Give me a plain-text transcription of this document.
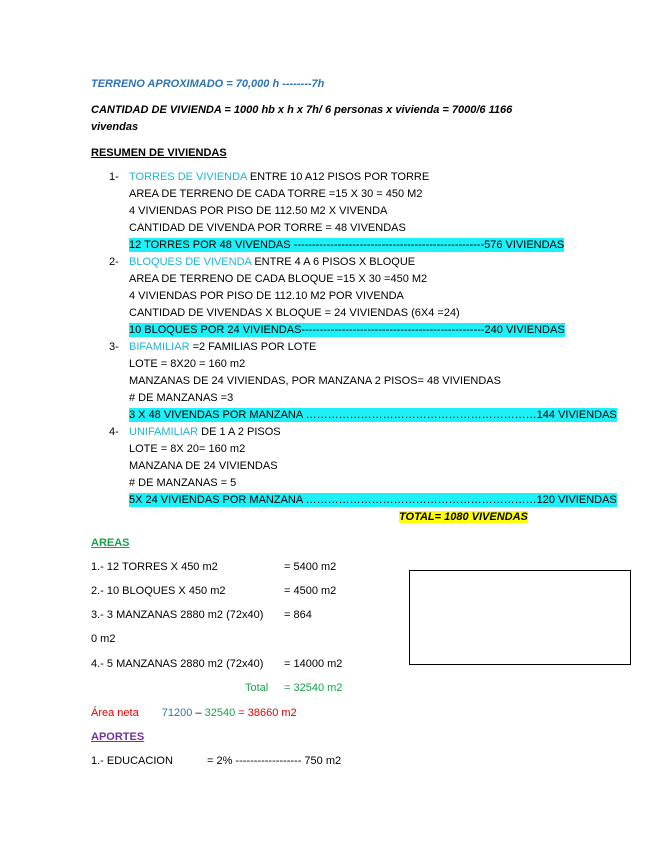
TERRENO APROXIMADO = 70,000 h --------7h
CANTIDAD DE VIVIENDA = 1000 hb x h x 7h/ 6 personas x vivienda = 7000/6 1166
vivendas
RESUMEN DE VIVIENDAS
1- TORRES DE VIVIENDA ENTRE 10 A12 PISOS POR TORRE
AREA DE TERRENO DE CADA TORRE =15 X 30 = 450 M2
4 VIVIENDAS POR PISO DE 112.50 M2 X VIVENDA
CANTIDAD DE VIVENDA POR TORRE = 48 VIVENDAS
12 TORRES POR 48 VIVENDAS ----------------------------------------------------576 VIVIENDAS
2- BLOQUES DE VIVENDA ENTRE 4 A 6 PISOS X BLOQUE
AREA DE TERRENO DE CADA BLOQUE =15 X 30 =450 M2
4 VIVIENDAS POR PISO DE 112.10 M2 POR VIVENDA
CANTIDAD DE VIVENDAS X BLOQUE = 24 VIVIENDAS (6X4 =24)
10 BLOQUES POR 24 VIVIENDAS--------------------------------------------------240 VIVIENDAS
3- BIFAMILIAR =2 FAMILIAS POR LOTE
LOTE = 8X20 = 160 m2
MANZANAS DE 24 VIVIENDAS, POR MANZANA 2 PISOS= 48 VIVIENDAS
# DE MANZANAS =3
3 X 48 VIVENDAS POR MANZANA ………………………………………………………144 VIVIENDAS
4- UNIFAMILIAR DE 1 A 2 PISOS
LOTE = 8X 20= 160 m2
MANZANA DE 24 VIVIENDAS
# DE MANZANAS = 5
5X 24 VIVIENDAS POR MANZANA ………………………………………………………120 VIVIENDAS
TOTAL= 1080 VIVENDAS
AREAS
1.- 12 TORRES X 450 m2	= 5400 m2
2.- 10 BLOQUES X 450 m2	= 4500 m2
3.- 3 MANZANAS 2880 m2 (72x40) = 864
0 m2
4.- 5 MANZANAS 2880 m2 (72x40) = 14000 m2
Total = 32540 m2
Área neta 71200 – 32540 = 38660 m2
APORTES
1.- EDUCACION	= 2% ------------------ 750 m2
